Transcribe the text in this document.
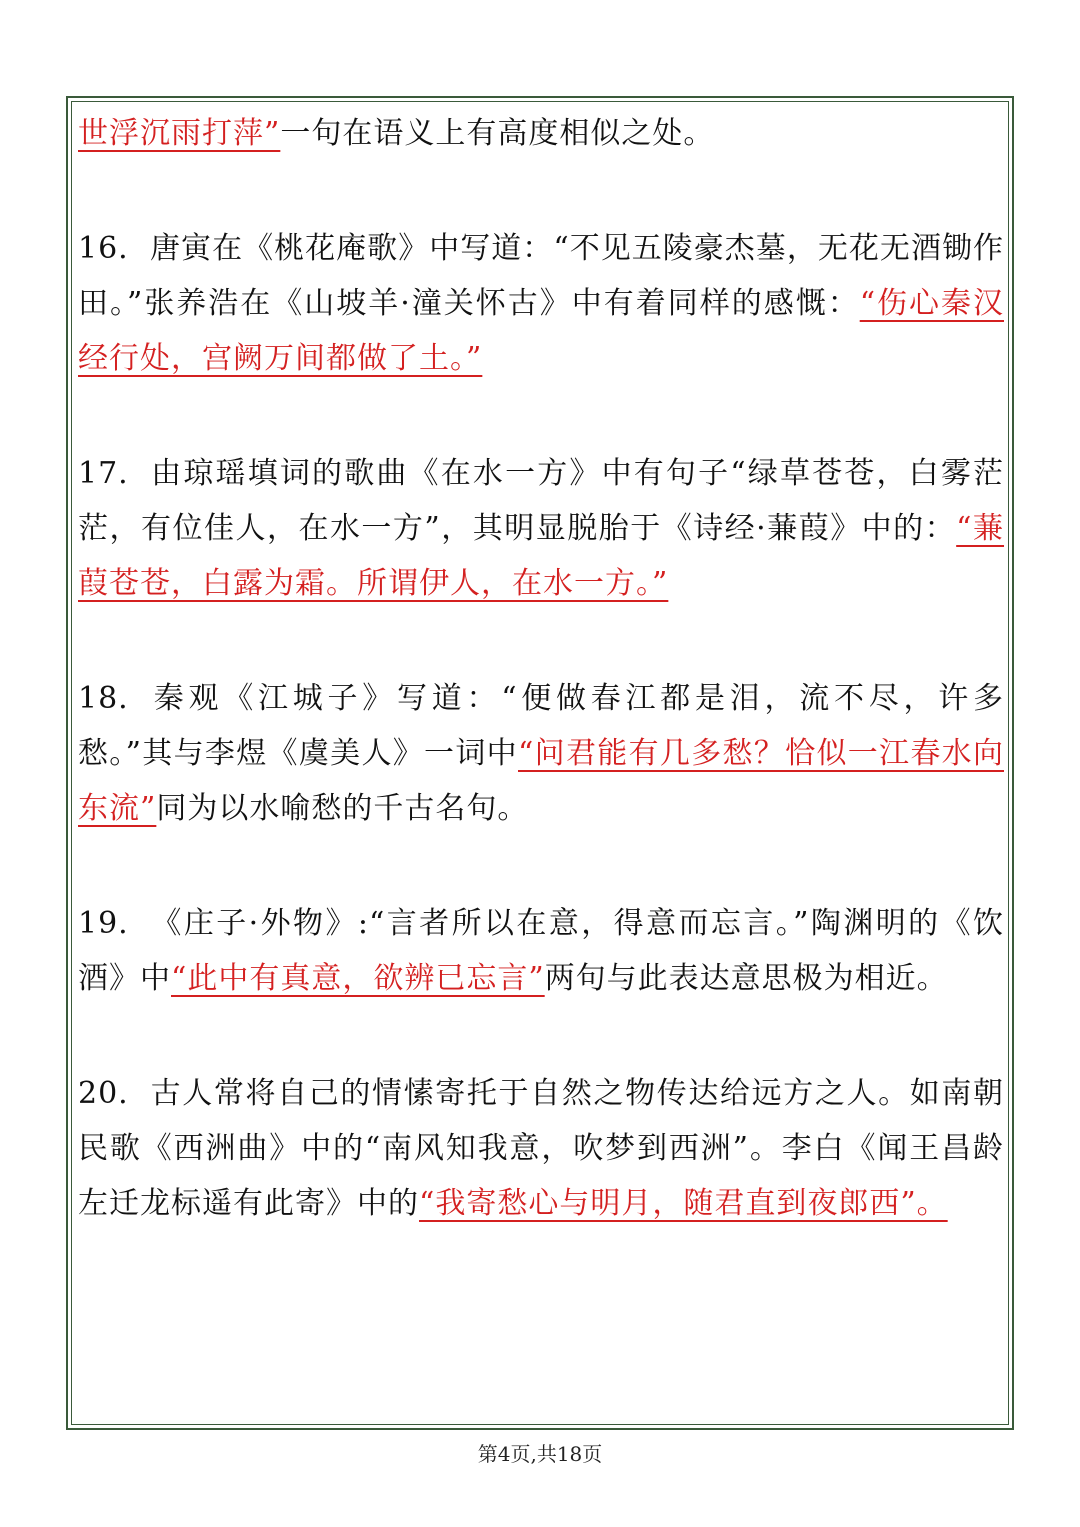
世浮沉雨打萍”一句在语义上有高度相似之处。

16. 唐寅在《桃花庵歌》中写道：“不见五陵豪杰墓，无花无酒锄作田。”张养浩在《山坡羊·潼关怀古》中有着同样的感慨：“伤心秦汉经行处，宫阙万间都做了土。”

17. 由琼瑶填词的歌曲《在水一方》中有句子“绿草苍苍，白雾茫茫，有位佳人，在水一方”，其明显脱胎于《诗经·蒹葭》中的：“蒹葭苍苍，白露为霜。所谓伊人，在水一方。”

18. 秦观《江城子》写道：“便做春江都是泪，流不尽，许多愁。”其与李煜《虞美人》一词中“问君能有几多愁？恰似一江春水向东流”同为以水喻愁的千古名句。

19. 《庄子·外物》:“言者所以在意，得意而忘言。”陶渊明的《饮酒》中“此中有真意，欲辨已忘言”两句与此表达意思极为相近。

20. 古人常将自己的情愫寄托于自然之物传达给远方之人。如南朝民歌《西洲曲》中的“南风知我意，吹梦到西洲”。李白《闻王昌龄左迁龙标遥有此寄》中的“我寄愁心与明月，随君直到夜郎西”。

第4页,共18页
